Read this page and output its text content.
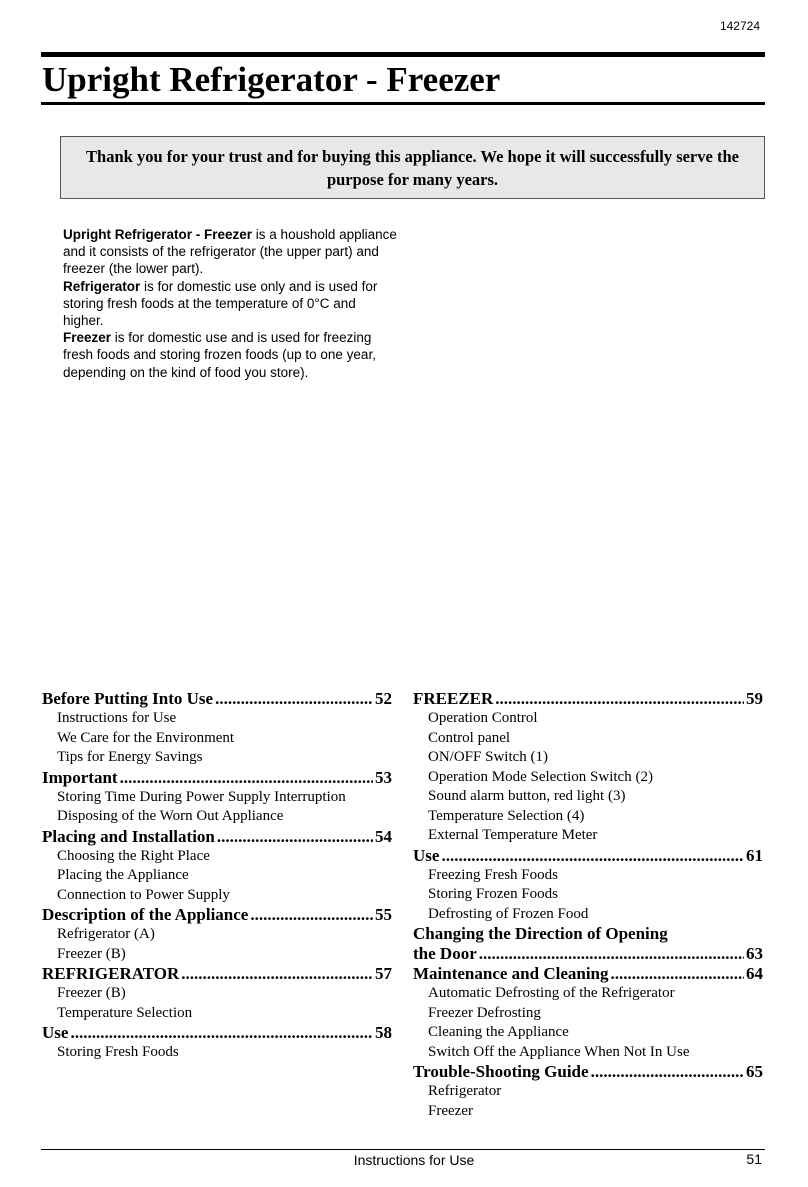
142724
Upright Refrigerator - Freezer
Thank you for your trust and for buying this appliance. We hope it will successfully serve the purpose for many years.

Upright Refrigerator - Freezer is a houshold appliance and it consists of the refrigerator (the upper part) and freezer (the lower part).

Refrigerator is for domestic use only and is used for storing fresh foods at the temperature of 0°C and higher.

Freezer is for domestic use and is used for freezing fresh foods and storing frozen foods (up to one year, depending on the kind of food you store).

Before Putting Into Use .....	52
Instructions for Use
We Care for the Environment
Tips for Energy Savings
Important .....	53
Storing Time During Power Supply Interruption
Disposing of the Worn Out Appliance
Placing and Installation .....	54
Choosing the Right Place
Placing the Appliance
Connection to Power Supply
Description of the Appliance .....	55
Refrigerator (A)
Freezer (B)
REFRIGERATOR .....	57
Freezer (B)
Temperature Selection
Use .....	58
Storing Fresh Foods
FREEZER .....	59
Operation Control
Control panel
ON/OFF Switch (1)
Operation Mode Selection Switch (2)
Sound alarm button, red light (3)
Temperature Selection (4)
External Temperature Meter
Use .....	61
Freezing Fresh Foods
Storing Frozen Foods
Defrosting of Frozen Food
Changing the Direction of Opening
the Door .....	63
Maintenance and Cleaning .....	64
Automatic Defrosting of the Refrigerator
Freezer Defrosting
Cleaning the Appliance
Switch Off the Appliance When Not In Use
Trouble-Shooting Guide .....	65
Refrigerator
Freezer
Instructions for Use	51
